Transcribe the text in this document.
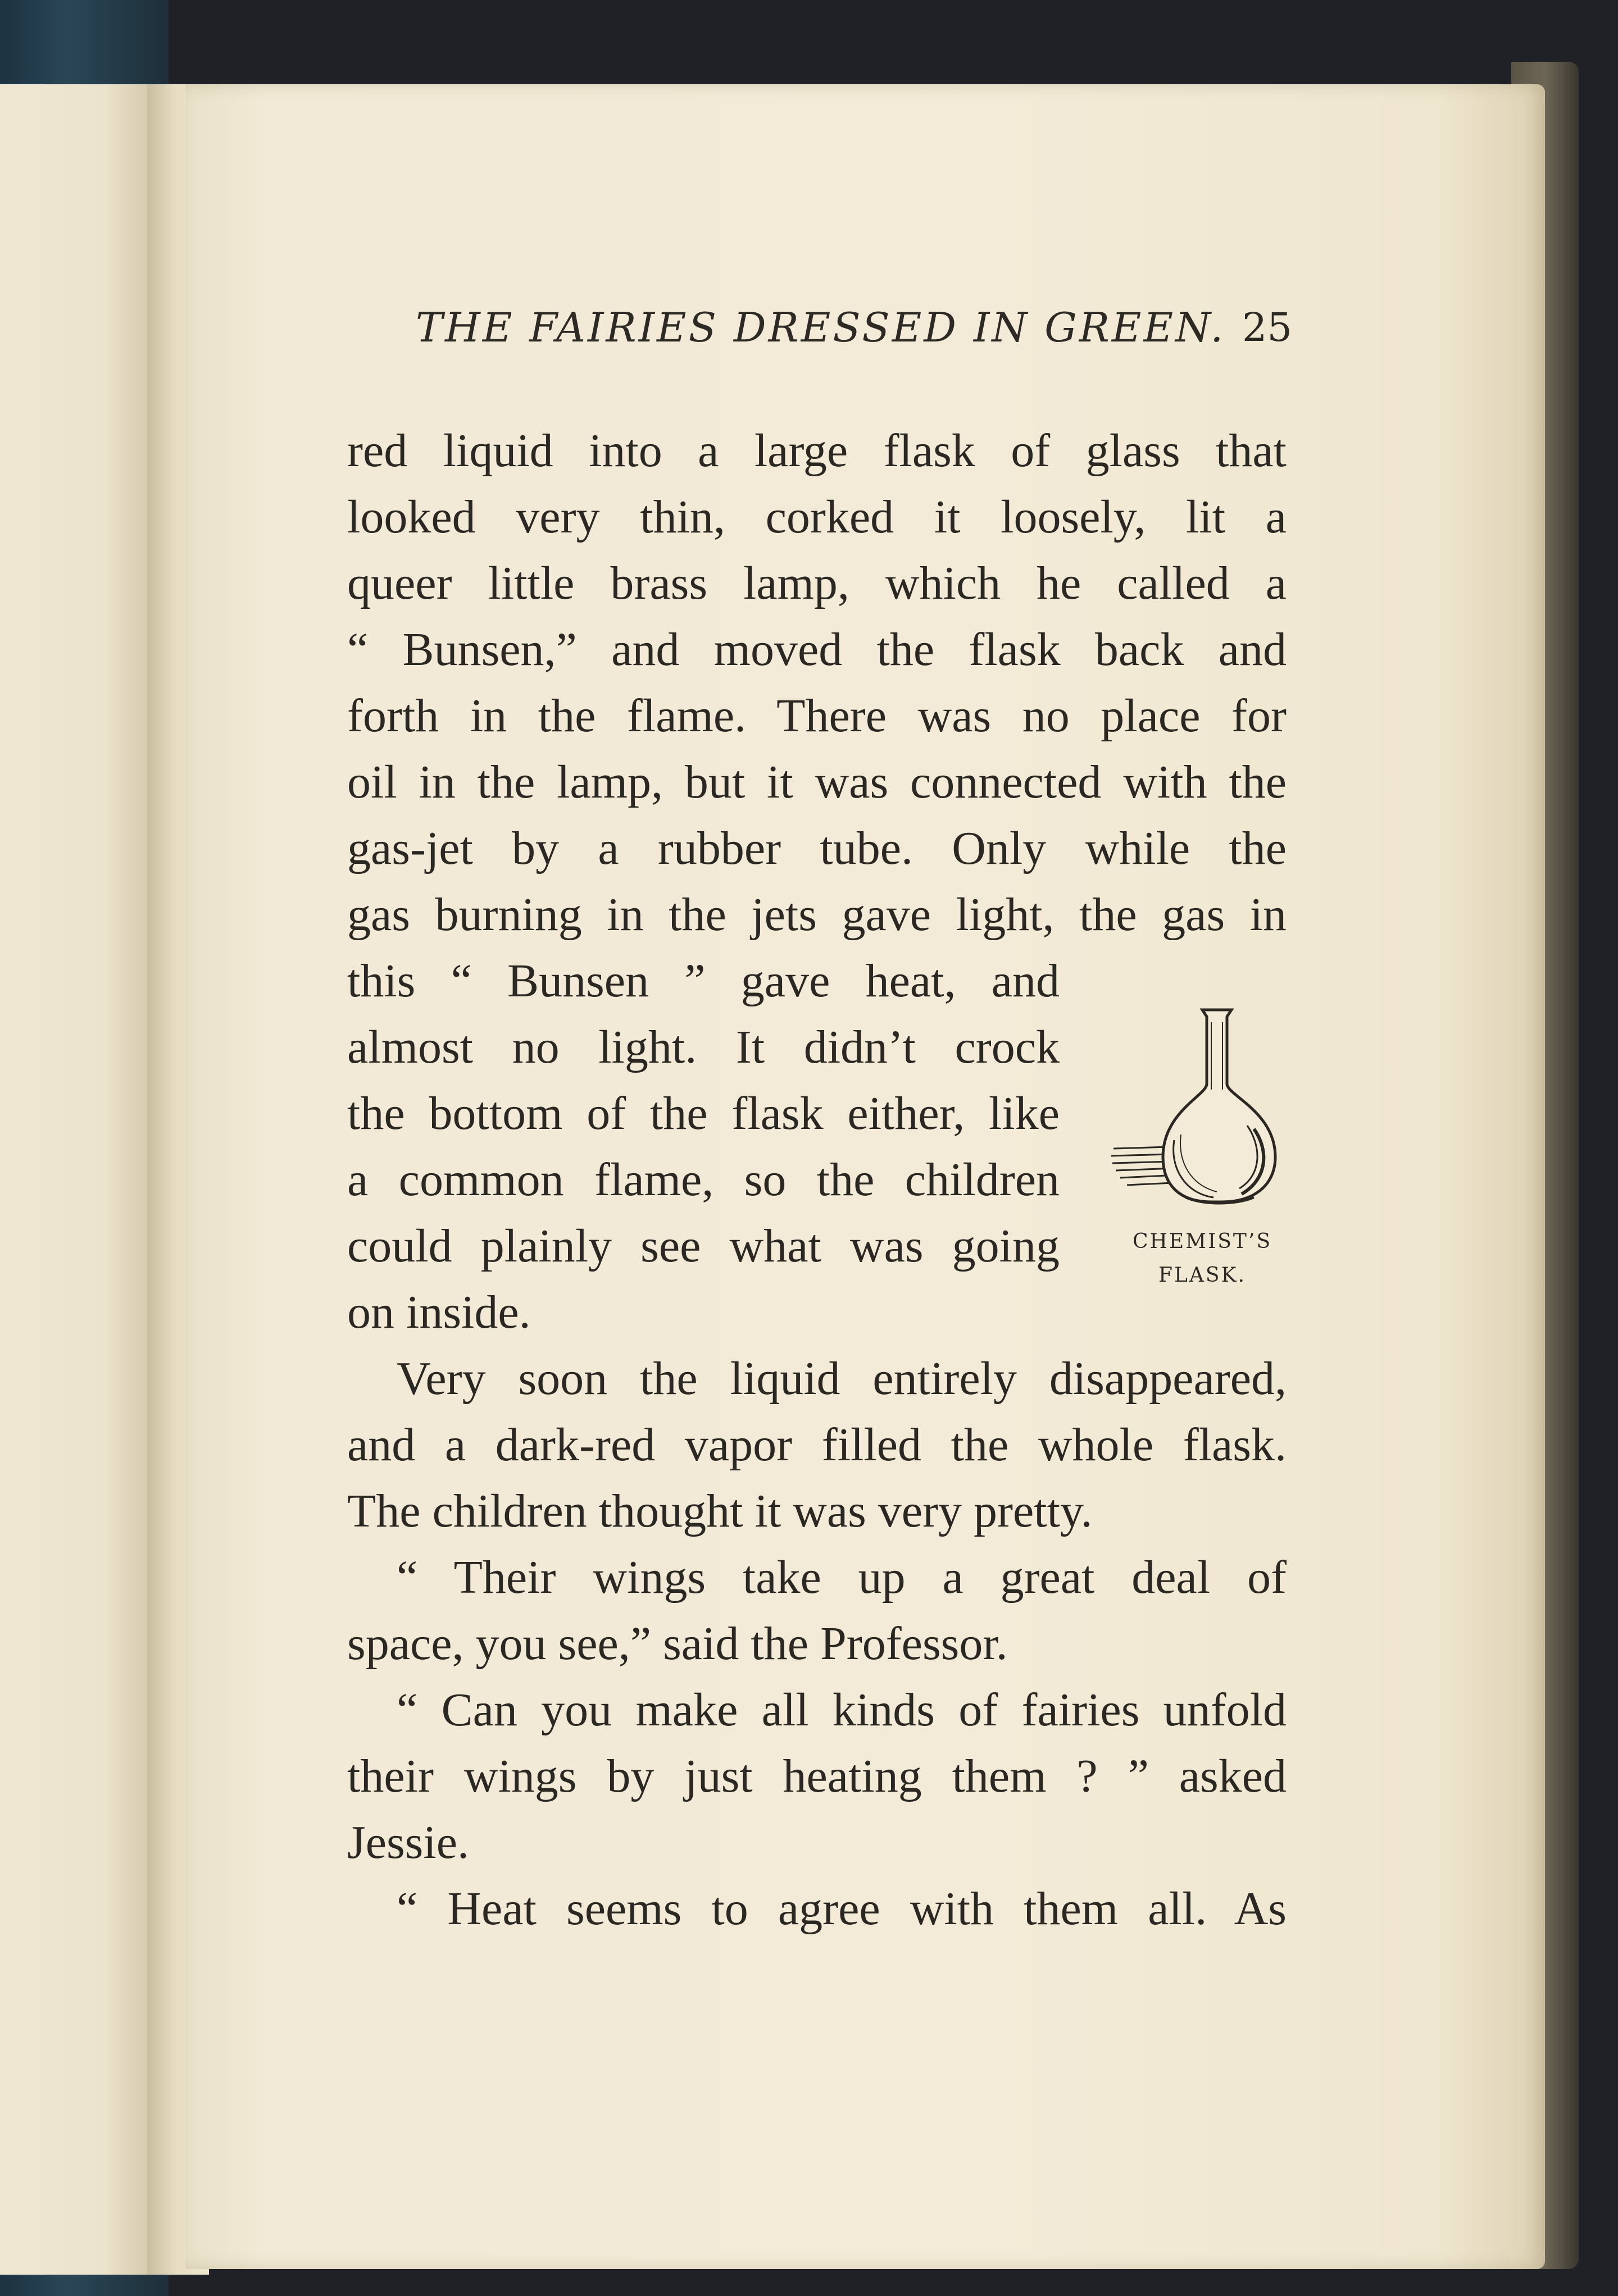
THE FAIRIES DRESSED IN GREEN. 25
red liquid into a large flask of glass that
looked very thin, corked it loosely, lit a
queer little brass lamp, which he called a
“ Bunsen,” and moved the flask back and
forth in the flame. There was no place for
oil in the lamp, but it was connected with the
gas-jet by a rubber tube. Only while the
gas burning in the jets gave light, the gas in
this “ Bunsen ” gave heat, and
almost no light. It didn’t crock
the bottom of the flask either, like
a common flame, so the children
could plainly see what was going
on inside.
Very soon the liquid entirely disappeared,
and a dark-red vapor filled the whole flask.
The children thought it was very pretty.
“ Their wings take up a great deal of
space, you see,” said the Professor.
“ Can you make all kinds of fairies unfold
their wings by just heating them ? ” asked
Jessie.
“ Heat seems to agree with them all. As
CHEMIST’S
FLASK.
